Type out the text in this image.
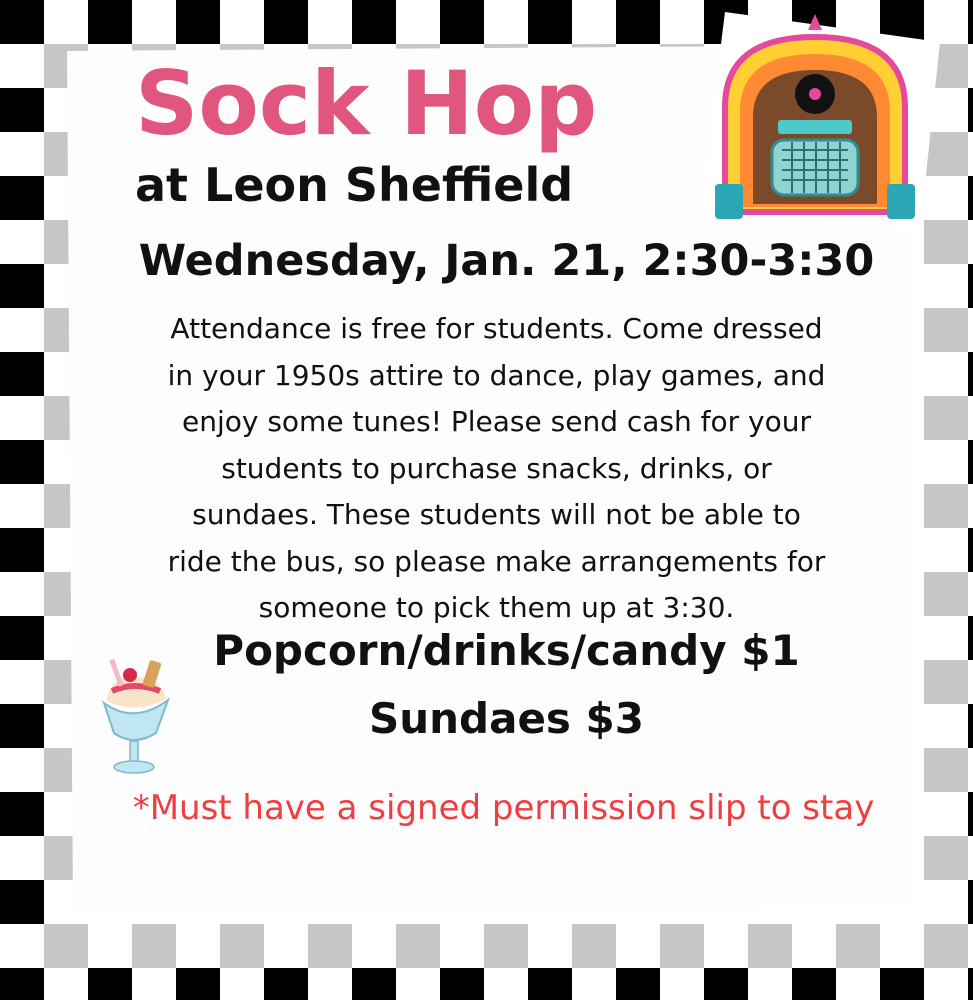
Sock Hop
at Leon Sheffield
Wednesday, Jan. 21, 2:30-3:30
Attendance is free for students. Come dressed
in your 1950s attire to dance, play games, and
enjoy some tunes! Please send cash for your
students to purchase snacks, drinks, or
sundaes. These students will not be able to
ride the bus, so please make arrangements for
someone to pick them up at 3:30.
Popcorn/drinks/candy $1
Sundaes $3
*Must have a signed permission slip to stay
